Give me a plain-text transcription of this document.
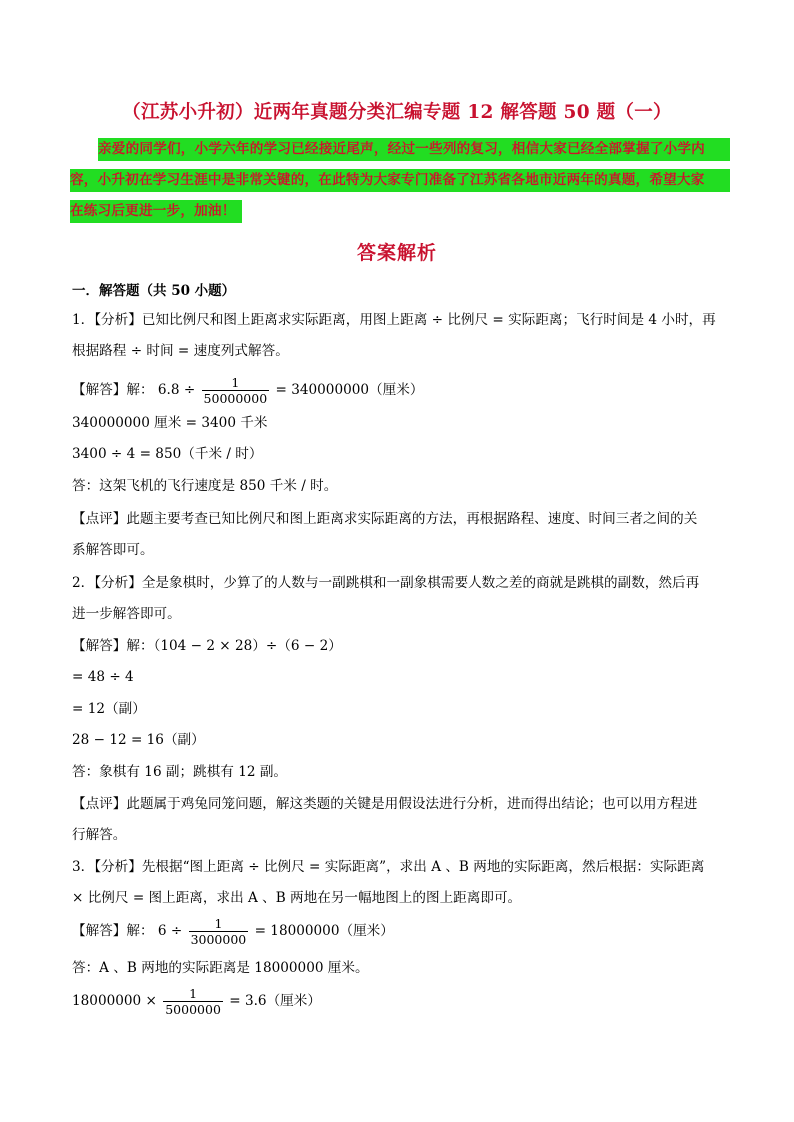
（江苏小升初）近两年真题分类汇编专题 12 解答题 50 题（一）
亲爱的同学们，小学六年的学习已经接近尾声，经过一些列的复习，相信大家已经全部掌握了小学内
容，小升初在学习生涯中是非常关键的，在此特为大家专门准备了江苏省各地市近两年的真题，希望大家
在练习后更进一步，加油！
答案解析
一．解答题（共 50 小题）
1．【分析】已知比例尺和图上距离求实际距离，用图上距离 ÷ 比例尺 = 实际距离；飞行时间是 4 小时，再
根据路程 ÷ 时间 = 速度列式解答。
【解答】解： $6.8 \div \frac{1}{50000000} = 340000000$（厘米）
340000000 厘米 = 3400 千米
3400 ÷ 4 = 850（千米 / 时）
答：这架飞机的飞行速度是 850 千米 / 时。
【点评】此题主要考查已知比例尺和图上距离求实际距离的方法，再根据路程、速度、时间三者之间的关
系解答即可。
2．【分析】全是象棋时，少算了的人数与一副跳棋和一副象棋需要人数之差的商就是跳棋的副数，然后再
进一步解答即可。
【解答】解：（104 − 2 × 28）÷（6 − 2）
= 48 ÷ 4
= 12（副）
28 − 12 = 16（副）
答：象棋有 16 副；跳棋有 12 副。
【点评】此题属于鸡兔同笼问题，解这类题的关键是用假设法进行分析，进而得出结论；也可以用方程进
行解答。
3．【分析】先根据“图上距离 ÷ 比例尺 = 实际距离”，求出 A 、B 两地的实际距离，然后根据：实际距离
× 比例尺 = 图上距离，求出 A 、B 两地在另一幅地图上的图上距离即可。
【解答】解： $6 \div \frac{1}{3000000} = 18000000$（厘米）
答：A 、B 两地的实际距离是 18000000 厘米。
$18000000 \times \frac{1}{5000000} = 3.6$（厘米）
